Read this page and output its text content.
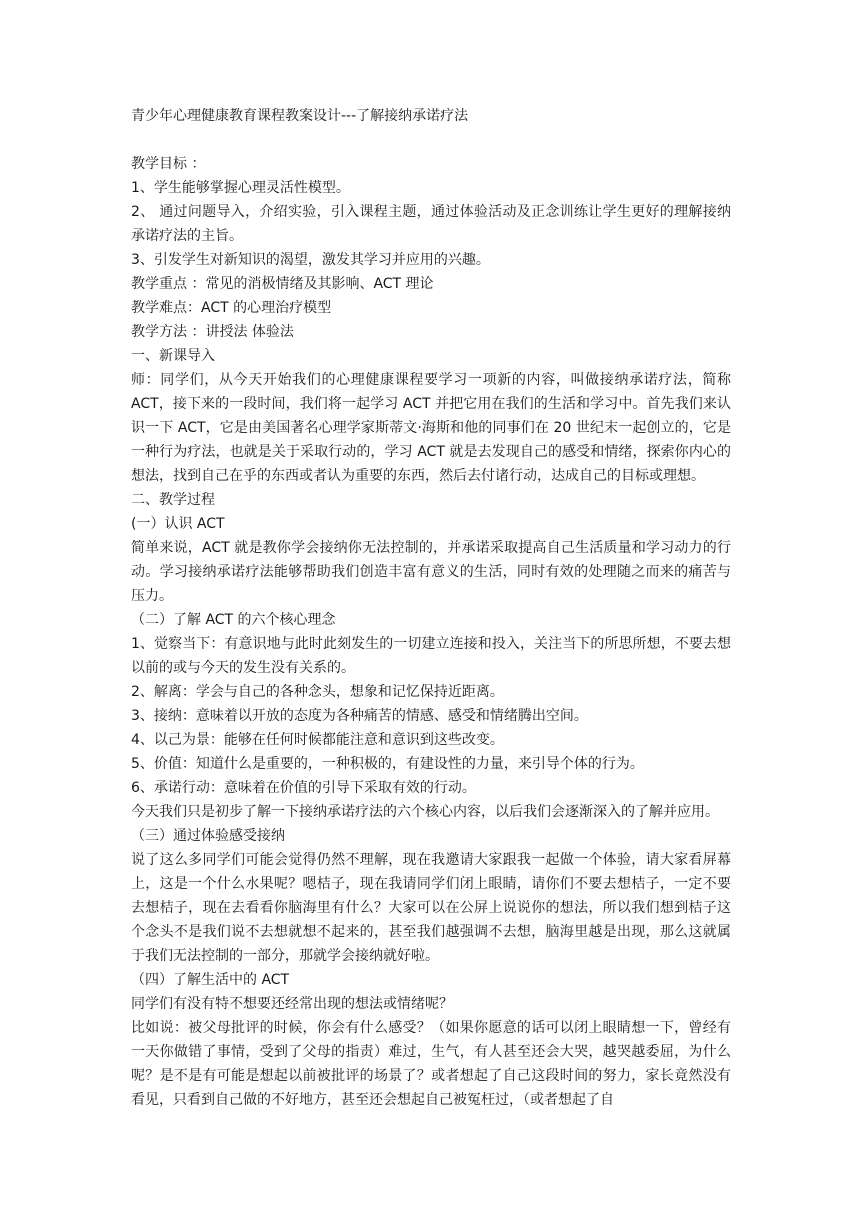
青少年心理健康教育课程教案设计---了解接纳承诺疗法

教学目标 ：

1、学生能够掌握心理灵活性模型。

2、 通过问题导入，介绍实验，引入课程主题，通过体验活动及正念训练让学生更好的理解接纳承诺疗法的主旨。

3、引发学生对新知识的渴望，激发其学习并应用的兴趣。

教学重点 ：常见的消极情绪及其影响、ACT 理论

教学难点：ACT 的心理治疗模型

教学方法 ：讲授法 体验法

一、新课导入

师：同学们，从今天开始我们的心理健康课程要学习一项新的内容，叫做接纳承诺疗法，简称 ACT，接下来的一段时间，我们将一起学习 ACT 并把它用在我们的生活和学习中。首先我们来认识一下 ACT，它是由美国著名心理学家斯蒂文·海斯和他的同事们在 20 世纪末一起创立的，它是一种行为疗法，也就是关于采取行动的，学习 ACT 就是去发现自己的感受和情绪，探索你内心的想法，找到自己在乎的东西或者认为重要的东西，然后去付诸行动，达成自己的目标或理想。

二、教学过程

(一）认识 ACT

简单来说，ACT 就是教你学会接纳你无法控制的，并承诺采取提高自己生活质量和学习动力的行动。学习接纳承诺疗法能够帮助我们创造丰富有意义的生活，同时有效的处理随之而来的痛苦与压力。

（二）了解 ACT 的六个核心理念

1、觉察当下：有意识地与此时此刻发生的一切建立连接和投入，关注当下的所思所想，不要去想以前的或与今天的发生没有关系的。

2、解离：学会与自己的各种念头，想象和记忆保持近距离。

3、接纳：意味着以开放的态度为各种痛苦的情感、感受和情绪腾出空间。

4、以己为景：能够在任何时候都能注意和意识到这些改变。

5、价值：知道什么是重要的，一种积极的，有建设性的力量，来引导个体的行为。

6、承诺行动：意味着在价值的引导下采取有效的行动。

今天我们只是初步了解一下接纳承诺疗法的六个核心内容，以后我们会逐渐深入的了解并应用。

（三）通过体验感受接纳

说了这么多同学们可能会觉得仍然不理解，现在我邀请大家跟我一起做一个体验，请大家看屏幕上，这是一个什么水果呢？嗯桔子，现在我请同学们闭上眼睛，请你们不要去想桔子，一定不要去想桔子，现在去看看你脑海里有什么？大家可以在公屏上说说你的想法，所以我们想到桔子这个念头不是我们说不去想就想不起来的，甚至我们越强调不去想，脑海里越是出现，那么这就属于我们无法控制的一部分，那就学会接纳就好啦。

（四）了解生活中的 ACT

同学们有没有特不想要还经常出现的想法或情绪呢？

比如说：被父母批评的时候，你会有什么感受？（如果你愿意的话可以闭上眼睛想一下，曾经有一天你做错了事情，受到了父母的指责）难过，生气，有人甚至还会大哭，越哭越委屈，为什么呢？是不是有可能是想起以前被批评的场景了？或者想起了自己这段时间的努力，家长竟然没有看见，只看到自己做的不好地方，甚至还会想起自己被冤枉过，（或者想起了自
